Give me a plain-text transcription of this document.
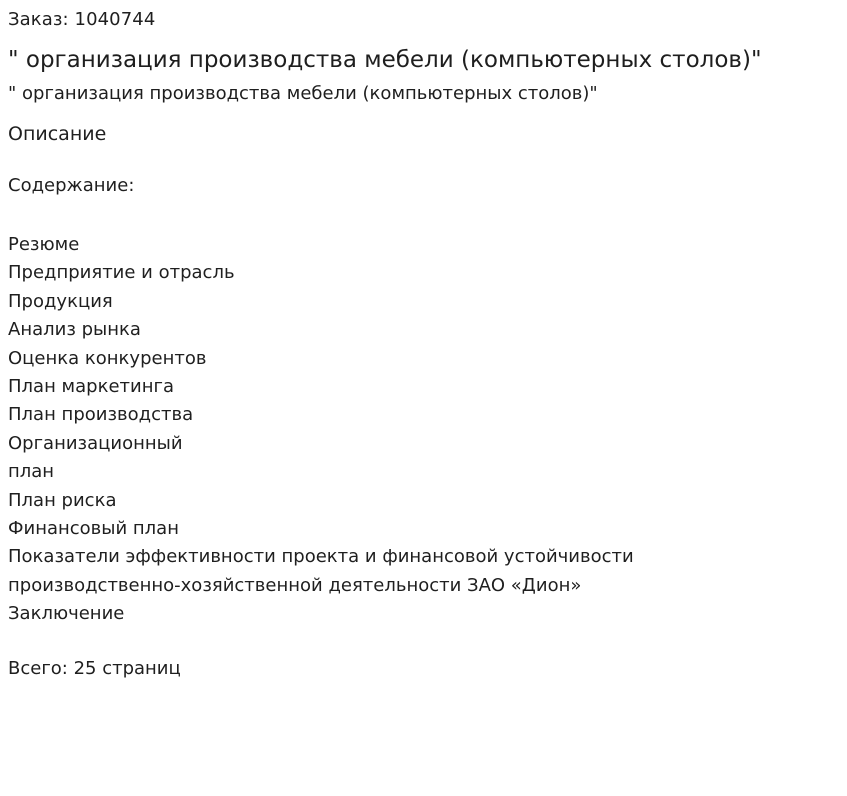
Заказ: 1040744
" организация производства мебели (компьютерных столов)"
" организация производства мебели (компьютерных столов)"
Описание
Содержание:
Резюме
Предприятие и отрасль
Продукция
Анализ рынка
Оценка конкурентов
План маркетинга
План производства
Организационный
план
План риска
Финансовый план
Показатели эффективности проекта и финансовой устойчивости
производственно-хозяйственной деятельности ЗАО «Дион»
Заключение
Всего: 25 страниц
